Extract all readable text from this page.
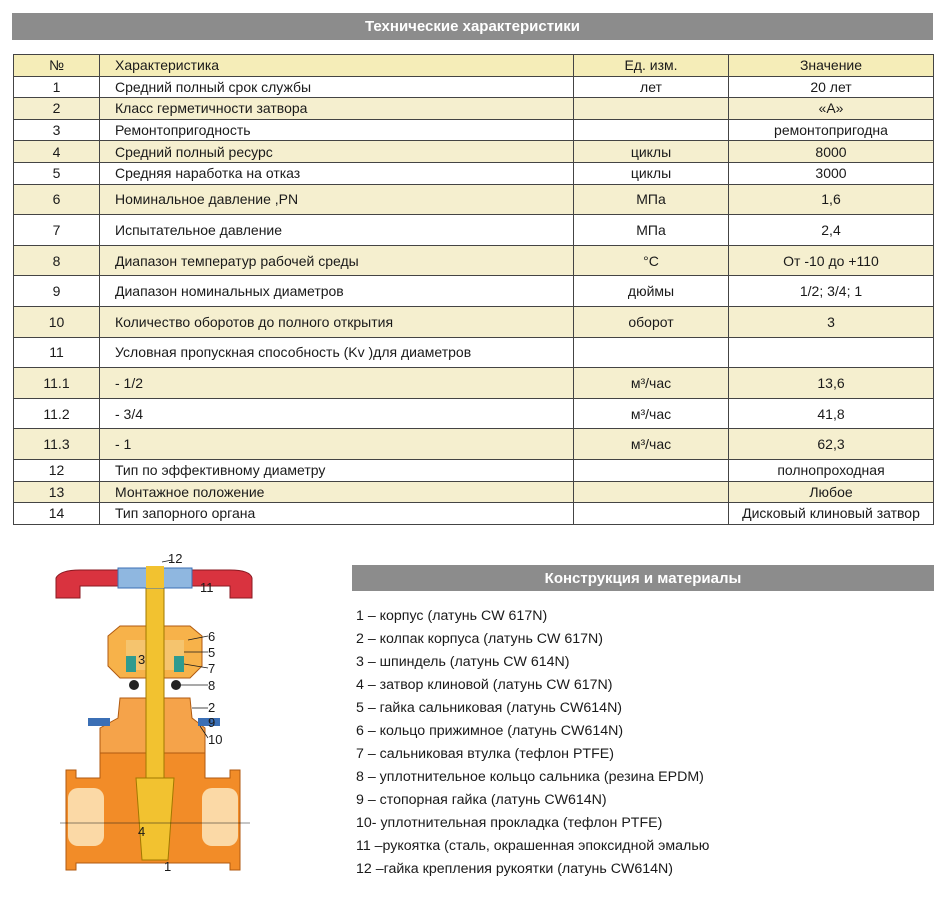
Технические характеристики
№	Характеристика	Ед. изм.	Значение
1	Средний полный срок службы	лет	20 лет
2	Класс герметичности затвора		«А»
3	Ремонтопригодность		ремонтопригодна
4	Средний полный ресурс	циклы	8000
5	Средняя наработка на отказ	циклы	3000
6	Номинальное давление ,PN	МПа	1,6
7	Испытательное давление	МПа	2,4
8	Диапазон температур рабочей среды	°С	От -10 до +110
9	Диапазон номинальных диаметров	дюймы	1/2; 3/4; 1
10	Количество оборотов до полного открытия	оборот	3
11	Условная пропускная способность (Kv )для диаметров		
11.1	- 1/2	м³/час	13,6
11.2	- 3/4	м³/час	41,8
11.3	- 1	м³/час	62,3
12	Тип по эффективному диаметру		полнопроходная
13	Монтажное положение		Любое
14	Тип запорного органа		Дисковый клиновый затвор
12
11
6
5
7
8
2
9
10
3
4
1
Конструкция и материалы
1 – корпус (латунь CW 617N)
2 – колпак корпуса (латунь CW 617N)
3 – шпиндель (латунь CW 614N)
4 – затвор клиновой (латунь CW 617N)
5 – гайка сальниковая (латунь CW614N)
6 – кольцо прижимное (латунь CW614N)
7 – сальниковая втулка (тефлон PTFE)
8 – уплотнительное кольцо сальника (резина EPDM)
9 – стопорная гайка (латунь CW614N)
10- уплотнительная прокладка (тефлон PTFE)
11 –рукоятка (сталь, окрашенная эпоксидной эмалью
12 –гайка крепления рукоятки (латунь CW614N)
